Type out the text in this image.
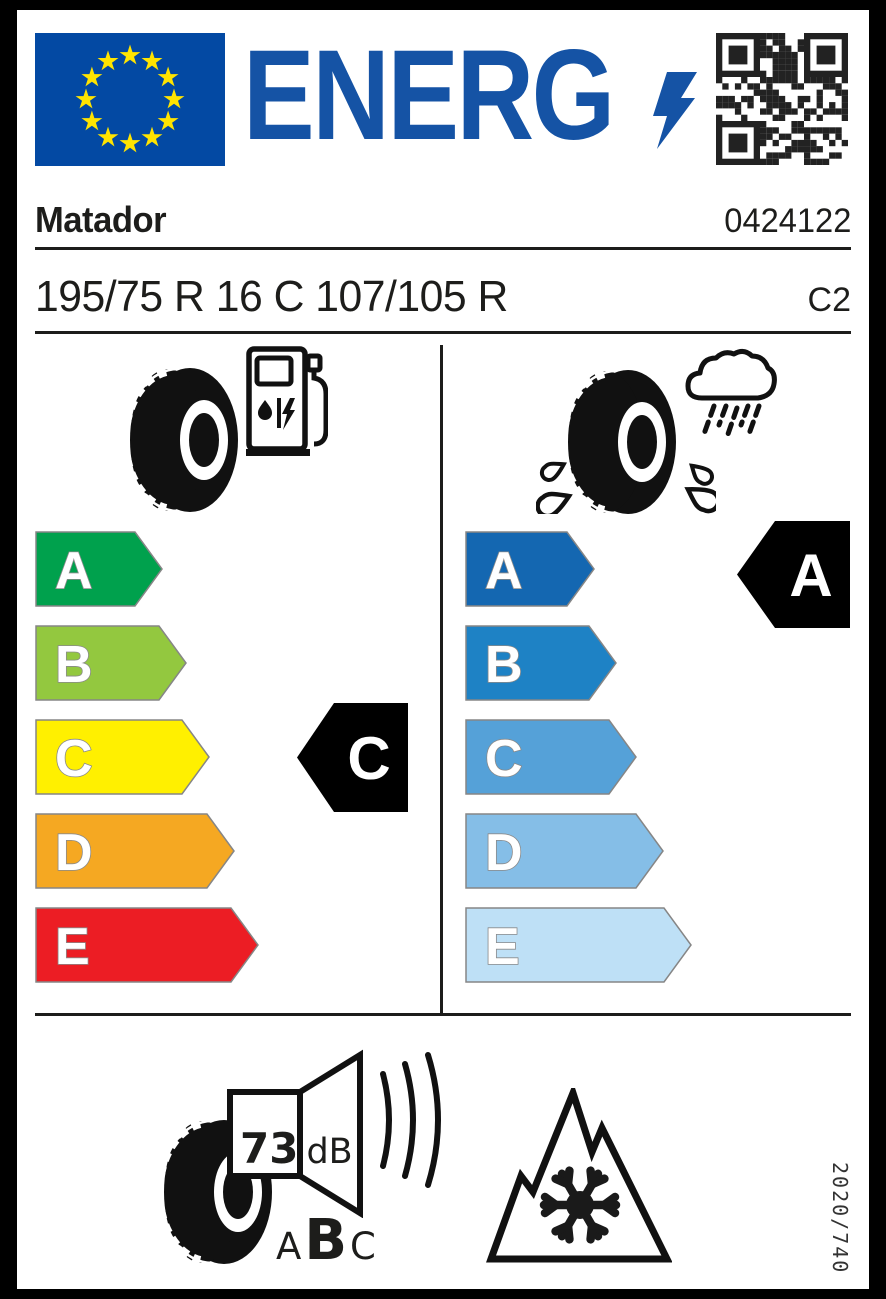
ENERG
Matador	0424122
195/75 R 16 C 107/105 R	C2
A
B
C
D
E
C
A
B
C
D
E
A
73 dB
A B C	2020/740
